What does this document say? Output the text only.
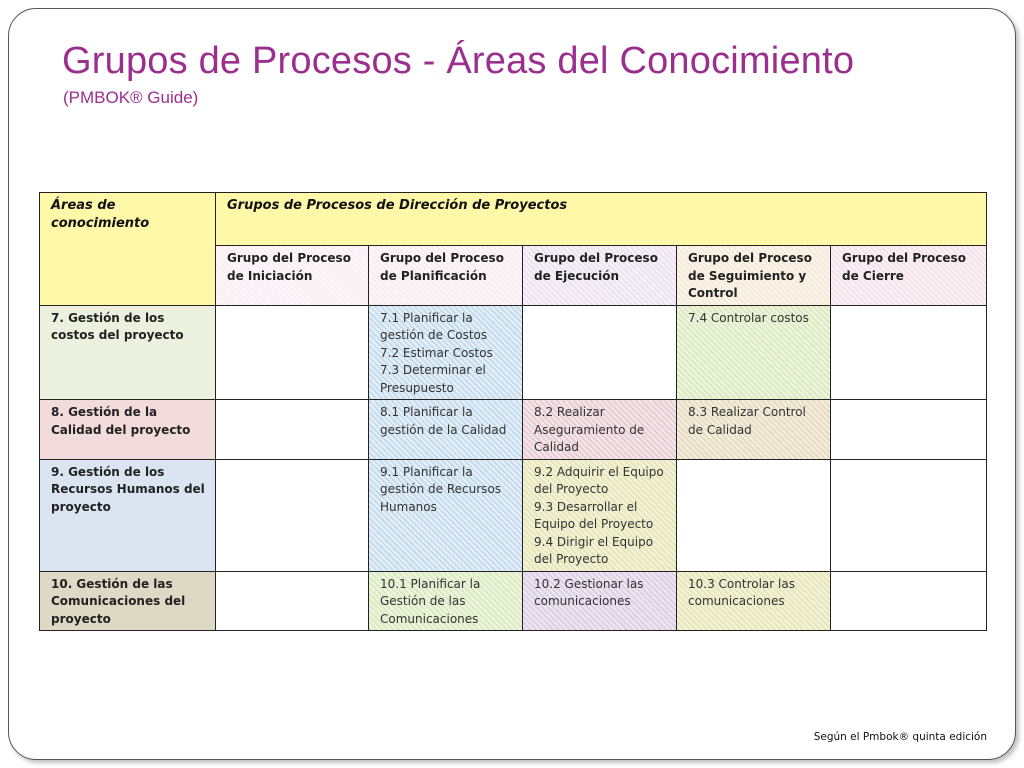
Grupos de Procesos - Áreas del Conocimiento
(PMBOK® Guide)
Áreas de conocimiento	Grupos de Procesos de Dirección de Proyectos				
	Grupo del Proceso de Iniciación	Grupo del Proceso de Planificación	Grupo del Proceso de Ejecución	Grupo del Proceso de Seguimiento y Control	Grupo del Proceso de Cierre
7. Gestión de los costos del proyecto		7.1 Planificar la gestión de Costos
7.2 Estimar Costos
7.3 Determinar el Presupuesto		7.4 Controlar costos	
8. Gestión de la Calidad del proyecto		8.1 Planificar la gestión de la Calidad	8.2 Realizar Aseguramiento de Calidad	8.3 Realizar Control de Calidad	
9. Gestión de los Recursos Humanos del proyecto		9.1 Planificar la gestión de Recursos Humanos	9.2 Adquirir el Equipo del Proyecto
9.3 Desarrollar el Equipo del Proyecto
9.4 Dirigir el Equipo del Proyecto		
10. Gestión de las Comunicaciones del proyecto		10.1 Planificar la Gestión de las Comunicaciones	10.2 Gestionar las comunicaciones	10.3 Controlar las comunicaciones	
Según el Pmbok® quinta edición
